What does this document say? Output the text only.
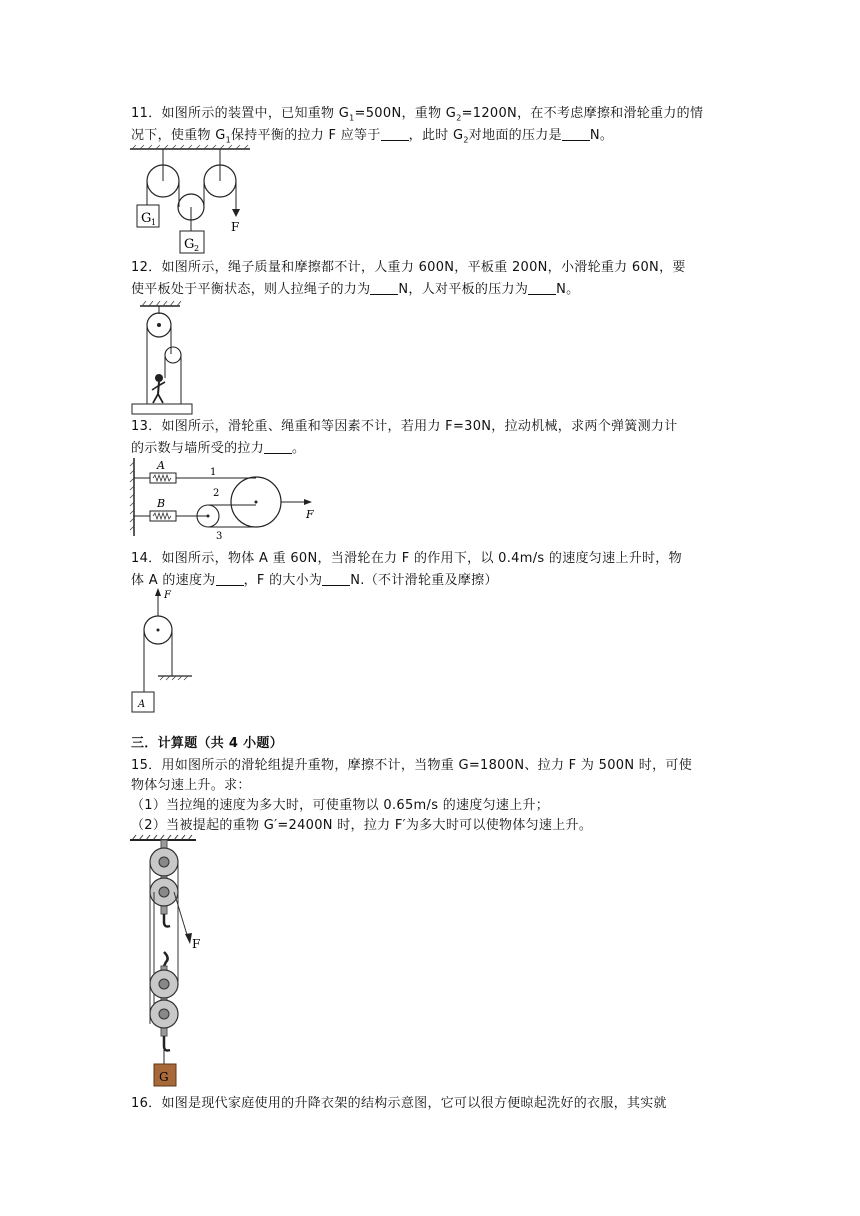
11．如图所示的装置中，已知重物 $G_1=500N$，重物 $G_2=1200N$，在不考虑摩擦和滑轮重力的情
况下，使重物 $G_1$保持平衡的拉力 F 应等于 ，此时 $G_2$对地面的压力是 N。
G 1
G 2
F
12．如图所示，绳子质量和摩擦都不计，人重力 600N，平板重 200N，小滑轮重力 60N，要
使平板处于平衡状态，则人拉绳子的力为 N，人对平板的压力为 N。
13．如图所示，滑轮重、绳重和等因素不计，若用力 F=30N，拉动机械，求两个弹簧测力计
的示数与墙所受的拉力 。
A
B
1
2
3
F
14．如图所示，物体 A 重 60N，当滑轮在力 F 的作用下，以 0.4m/s 的速度匀速上升时，物
体 A 的速度为 ，F 的大小为 N.（不计滑轮重及摩擦）
F
A
三．计算题（共 4 小题）
15．用如图所示的滑轮组提升重物，摩擦不计，当物重 G=1800N、拉力 F 为 500N 时，可使
物体匀速上升。求：
（1）当拉绳的速度为多大时，可使重物以 0.65m/s 的速度匀速上升；
（2）当被提起的重物 G′=2400N 时，拉力 F′为多大时可以使物体匀速上升。
F
G
16．如图是现代家庭使用的升降衣架的结构示意图，它可以很方便晾起洗好的衣服，其实就
